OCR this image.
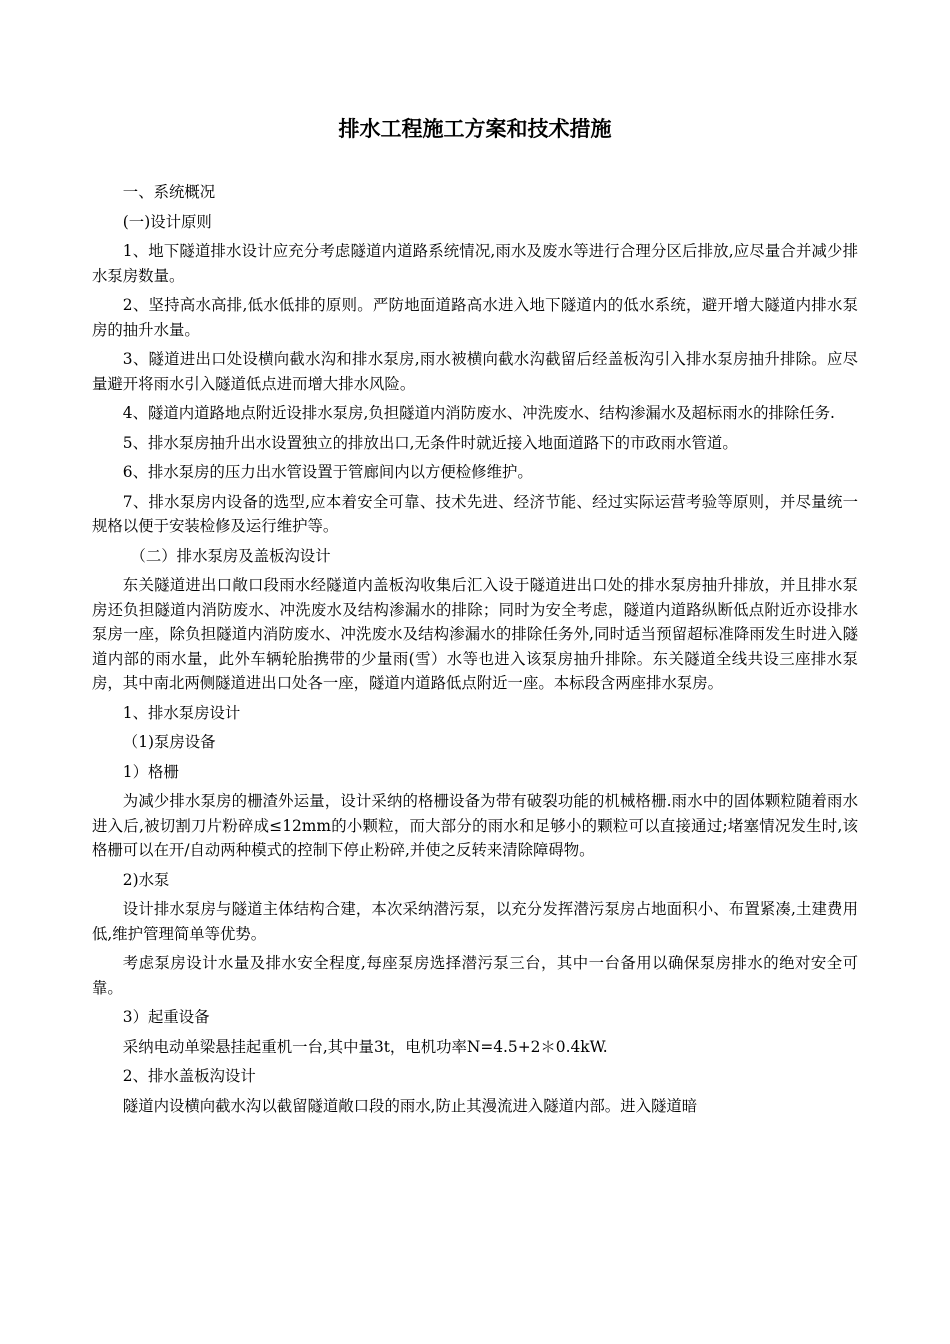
排水工程施工方案和技术措施

一、系统概况

(一)设计原则

1、地下隧道排水设计应充分考虑隧道内道路系统情况,雨水及废水等进行合理分区后排放,应尽量合并减少排水泵房数量。

2、坚持高水高排,低水低排的原则。严防地面道路高水进入地下隧道内的低水系统，避开增大隧道内排水泵房的抽升水量。

3、隧道进出口处设横向截水沟和排水泵房,雨水被横向截水沟截留后经盖板沟引入排水泵房抽升排除。应尽量避开将雨水引入隧道低点进而增大排水风险。

4、隧道内道路地点附近设排水泵房,负担隧道内消防废水、冲洗废水、结构渗漏水及超标雨水的排除任务.

5、排水泵房抽升出水设置独立的排放出口,无条件时就近接入地面道路下的市政雨水管道。

6、排水泵房的压力出水管设置于管廊间内以方便检修维护。

7、排水泵房内设备的选型,应本着安全可靠、技术先进、经济节能、经过实际运营考验等原则，并尽量统一规格以便于安装检修及运行维护等。

（二）排水泵房及盖板沟设计

东关隧道进出口敞口段雨水经隧道内盖板沟收集后汇入设于隧道进出口处的排水泵房抽升排放，并且排水泵房还负担隧道内消防废水、冲洗废水及结构渗漏水的排除；同时为安全考虑，隧道内道路纵断低点附近亦设排水泵房一座，除负担隧道内消防废水、冲洗废水及结构渗漏水的排除任务外,同时适当预留超标准降雨发生时进入隧道内部的雨水量，此外车辆轮胎携带的少量雨(雪）水等也进入该泵房抽升排除。东关隧道全线共设三座排水泵房，其中南北两侧隧道进出口处各一座，隧道内道路低点附近一座。本标段含两座排水泵房。

1、排水泵房设计

（1)泵房设备

1）格栅

为减少排水泵房的栅渣外运量，设计采纳的格栅设备为带有破裂功能的机械格栅.雨水中的固体颗粒随着雨水进入后,被切割刀片粉碎成≤12mm的小颗粒，而大部分的雨水和足够小的颗粒可以直接通过;堵塞情况发生时,该格栅可以在开/自动两种模式的控制下停止粉碎,并使之反转来清除障碍物。

2)水泵

设计排水泵房与隧道主体结构合建，本次采纳潜污泵，以充分发挥潜污泵房占地面积小、布置紧凑,土建费用低,维护管理简单等优势。

考虑泵房设计水量及排水安全程度,每座泵房选择潜污泵三台，其中一台备用以确保泵房排水的绝对安全可靠。

3）起重设备

采纳电动单梁悬挂起重机一台,其中量3t，电机功率N=4.5+2＊0.4kW.

2、排水盖板沟设计

隧道内设横向截水沟以截留隧道敞口段的雨水,防止其漫流进入隧道内部。进入隧道暗
